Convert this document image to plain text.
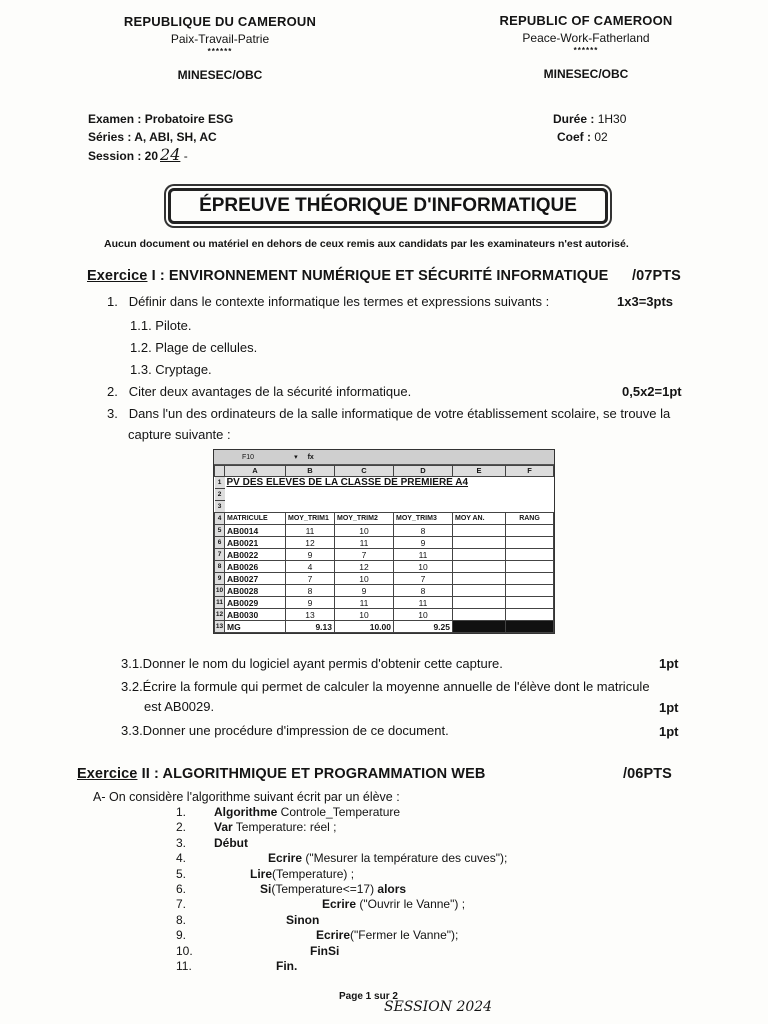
REPUBLIQUE DU CAMEROUN
Paix-Travail-Patrie
******
MINESEC/OBC
REPUBLIC OF CAMEROON
Peace-Work-Fatherland
******
MINESEC/OBC
Examen : Probatoire ESG
Séries : A, ABI, SH, AC
Session : 20 24 -
Durée : 1H30
Coef : 02
ÉPREUVE THÉORIQUE D'INFORMATIQUE
Aucun document ou matériel en dehors de ceux remis aux candidats par les examinateurs n'est autorisé.
Exercice I : ENVIRONNEMENT NUMÉRIQUE ET SÉCURITÉ INFORMATIQUE /07PTS
1. Définir dans le contexte informatique les termes et expressions suivants :	1x3=3pts
1.1. Pilote.
1.2. Plage de cellules.
1.3. Cryptage.
2. Citer deux avantages de la sécurité informatique.	0,5x2=1pt
3. Dans l'un des ordinateurs de la salle informatique de votre établissement scolaire, se trouve la
capture suivante :
F10	▾ fx
	A	B	C	D	E	F
1	PV DES ELEVES DE LA CLASSE DE PREMIERE A4					
2						
3						
4	MATRICULE	MOY_TRIM1	MOY_TRIM2	MOY_TRIM3	MOY AN.	RANG
5	AB0014	11	10	8		
6	AB0021	12	11	9		
7	AB0022	9	7	11		
8	AB0026	4	12	10		
9	AB0027	7	10	7		
10	AB0028	8	9	8		
11	AB0029	9	11	11		
12	AB0030	13	10	10		
13	MG	9.13	10.00	9.25		
3.1.Donner le nom du logiciel ayant permis d'obtenir cette capture.	1pt
3.2.Écrire la formule qui permet de calculer la moyenne annuelle de l'élève dont le matricule
est AB0029.	1pt
3.3.Donner une procédure d'impression de ce document.	1pt
Exercice II : ALGORITHMIQUE ET PROGRAMMATION WEB	/06PTS
A- On considère l'algorithme suivant écrit par un élève :
1. Algorithme Controle_Temperature
2. Var Temperature: réel ;
3. Début
4.	Ecrire ("Mesurer la température des cuves");
5.	Lire(Temperature) ;
6.	Si(Temperature<=17) alors
7.	Ecrire ("Ouvrir le Vanne") ;
8.	Sinon
9.	Ecrire("Fermer le Vanne");
10.	FinSi
11.	Fin.
Page 1 sur 2
SESSION 2024
